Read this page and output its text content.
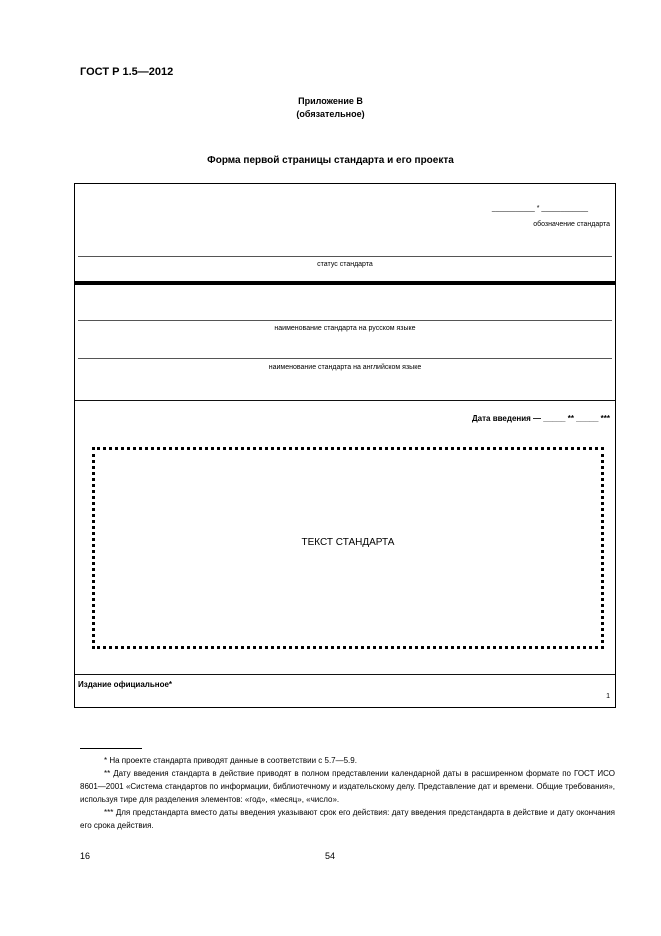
ГОСТ Р 1.5—2012
Приложение В
(обязательное)
Форма первой страницы стандарта и его проекта
___________ * ____________
обозначение стандарта
статус стандарта
наименование стандарта на русском языке
наименование стандарта на английском языке
Дата введения — _____ ** _____ ***
ТЕКСТ СТАНДАРТА
Издание официальное*
1

* На проекте стандарта приводят данные в соответствии с 5.7—5.9.

** Дату введения стандарта в действие приводят в полном представлении календарной даты в расширенном формате по ГОСТ ИСО 8601—2001 «Система стандартов по информации, библиотечному и издательскому делу. Представление дат и времени. Общие требования», используя тире для разделения элементов: «год», «месяц», «число».

*** Для предстандарта вместо даты введения указывают срок его действия: дату введения предстандарта в действие и дату окончания его срока действия.

16	54
